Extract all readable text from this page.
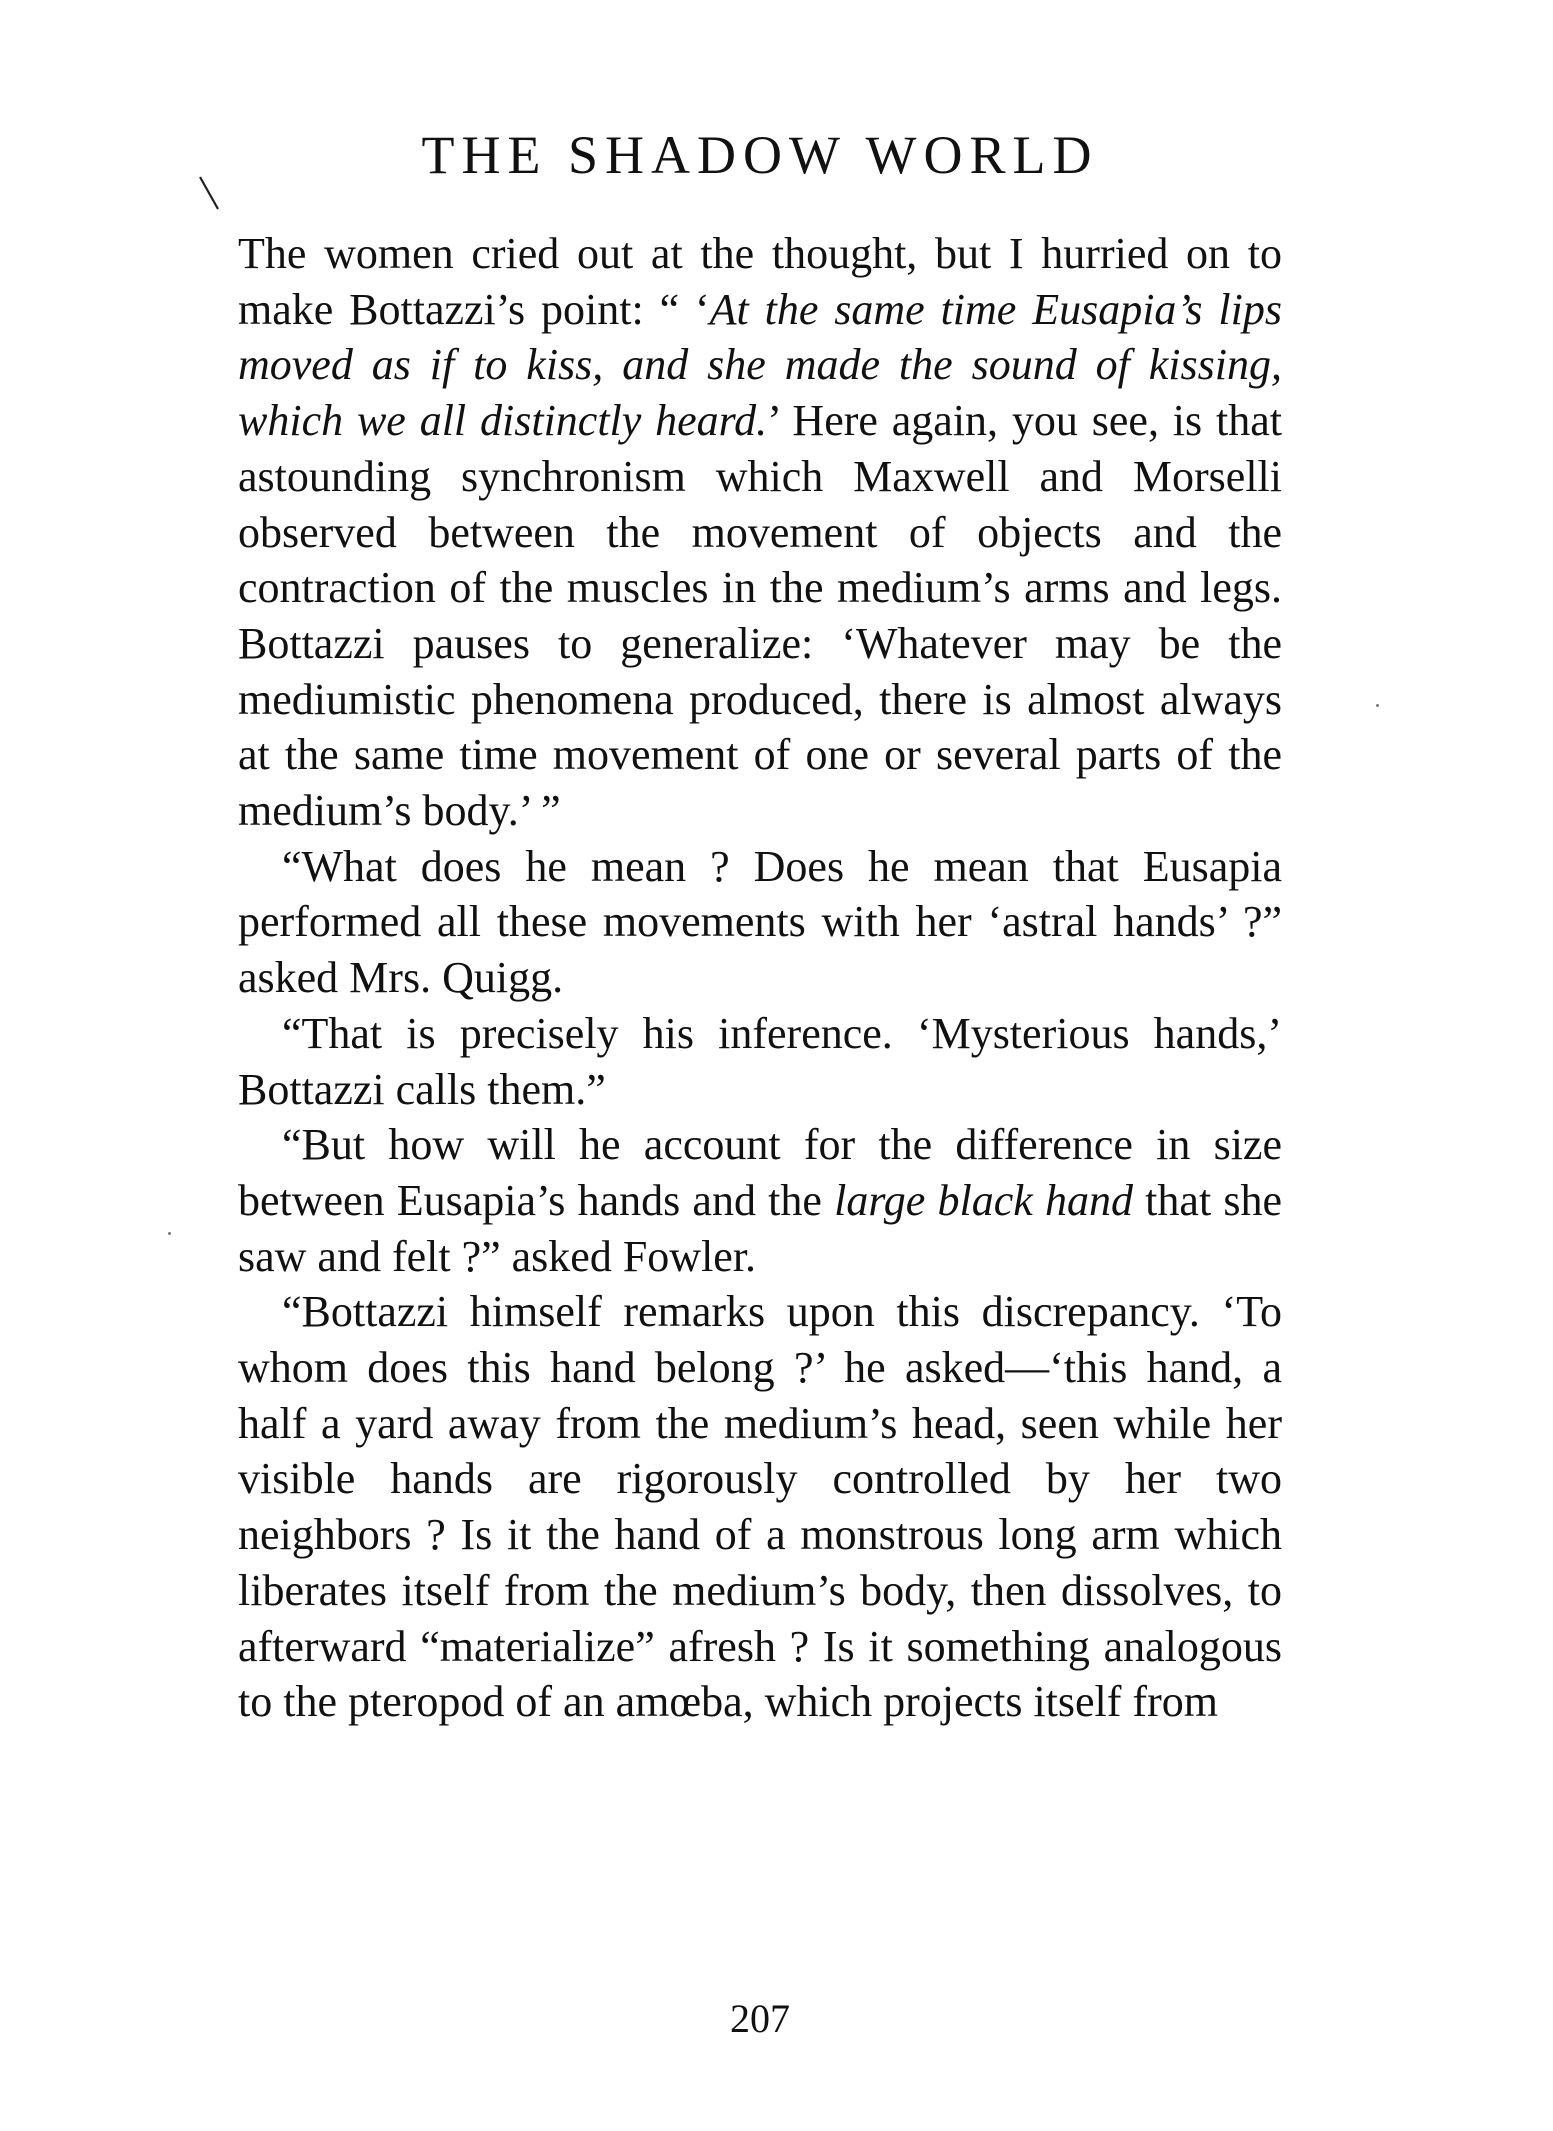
THE SHADOW WORLD

The women cried out at the thought, but I hurried on to make Bottazzi’s point: “ ‘At the same time Eusapia’s lips moved as if to kiss, and she made the sound of kissing, which we all distinctly heard.’ Here again, you see, is that astounding synchronism which Maxwell and Morselli observed between the movement of objects and the contraction of the muscles in the medium’s arms and legs. Bottazzi pauses to generalize: ‘Whatever may be the mediumistic phenomena produced, there is almost always at the same time movement of one or several parts of the medium’s body.’ ”

“What does he mean ? Does he mean that Eusapia performed all these movements with her ‘astral hands’ ?” asked Mrs. Quigg.

“That is precisely his inference. ‘Mysterious hands,’ Bottazzi calls them.”

“But how will he account for the difference in size between Eusapia’s hands and the large black hand that she saw and felt ?” asked Fowler.

“Bottazzi himself remarks upon this discrepancy. ‘To whom does this hand belong ?’ he asked—‘this hand, a half a yard away from the medium’s head, seen while her visible hands are rigorously controlled by her two neighbors ? Is it the hand of a monstrous long arm which liberates itself from the medium’s body, then dissolves, to afterward “materialize” afresh ? Is it something analogous to the pteropod of an amœba, which projects itself from

207
